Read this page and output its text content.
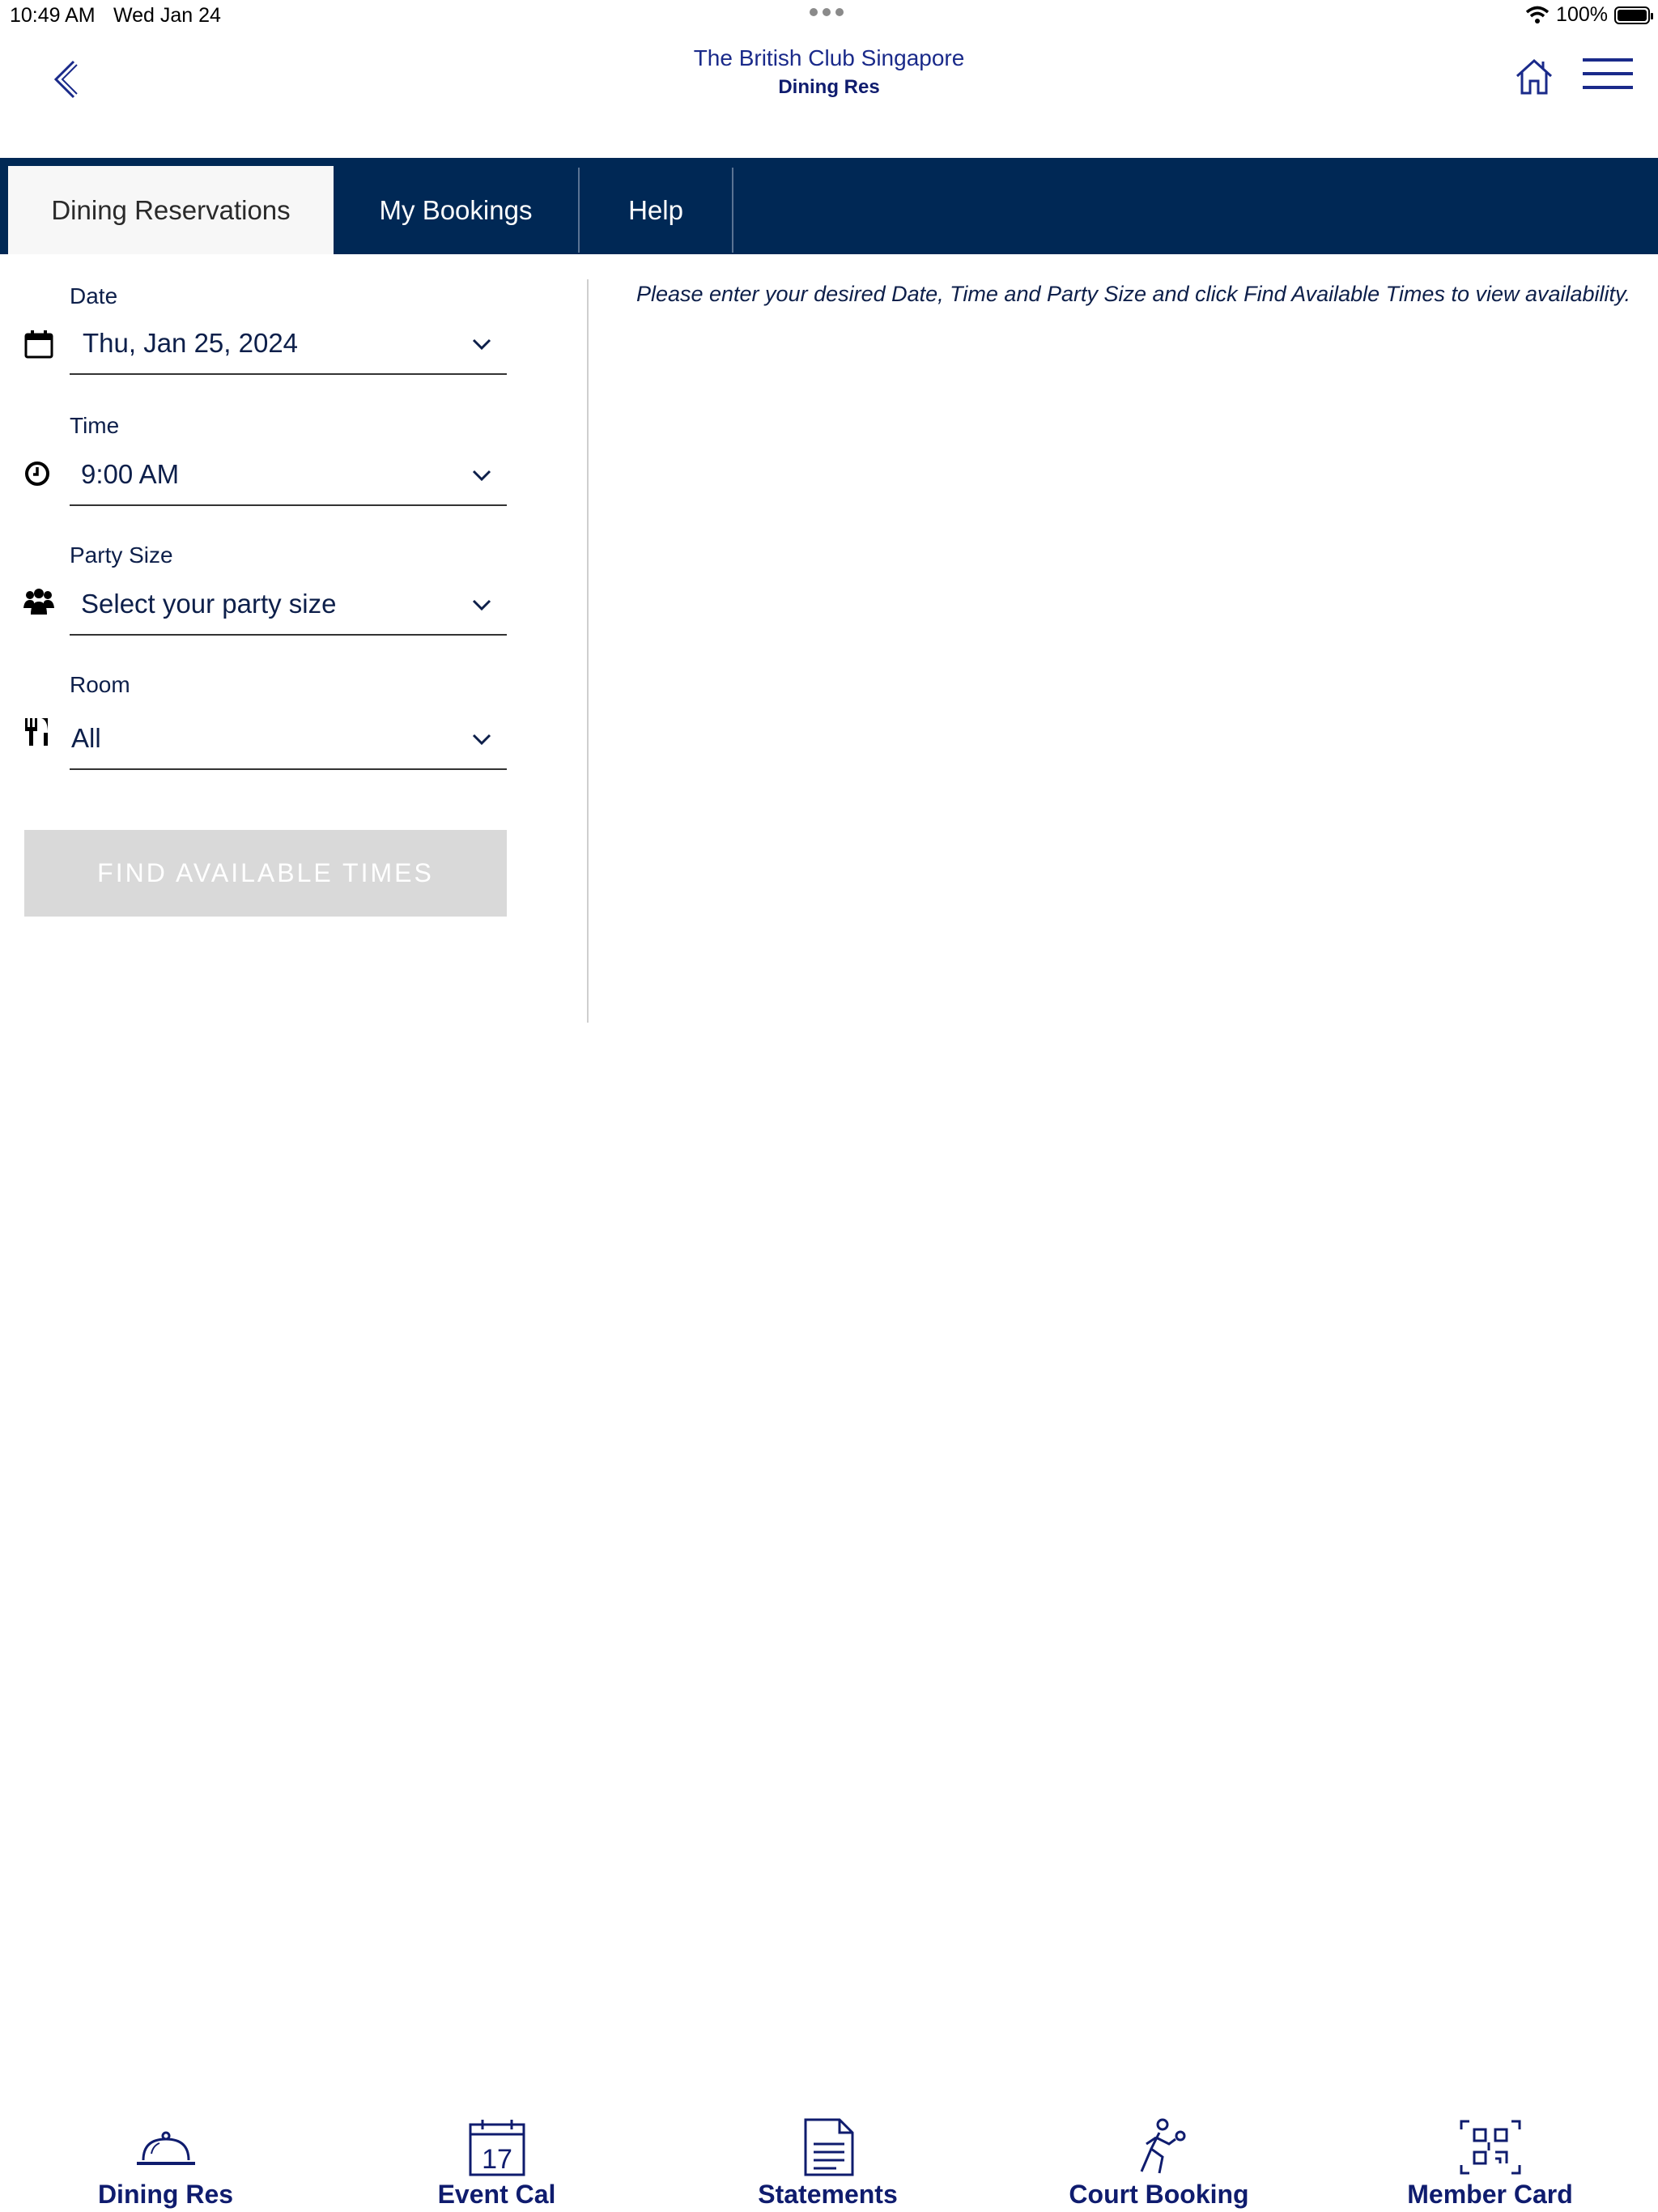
10:49 AM Wed Jan 24	100%
The British Club Singapore
Dining Res
Dining Reservations	My Bookings	Help
Date
Thu, Jan 25, 2024
Time
9:00 AM
Party Size
Select your party size
Room
All
FIND AVAILABLE TIMES
Please enter your desired Date, Time and Party Size and click Find Available Times to view availability.
Dining Res
17
Event Cal	Statements	Court Booking	Member Card
